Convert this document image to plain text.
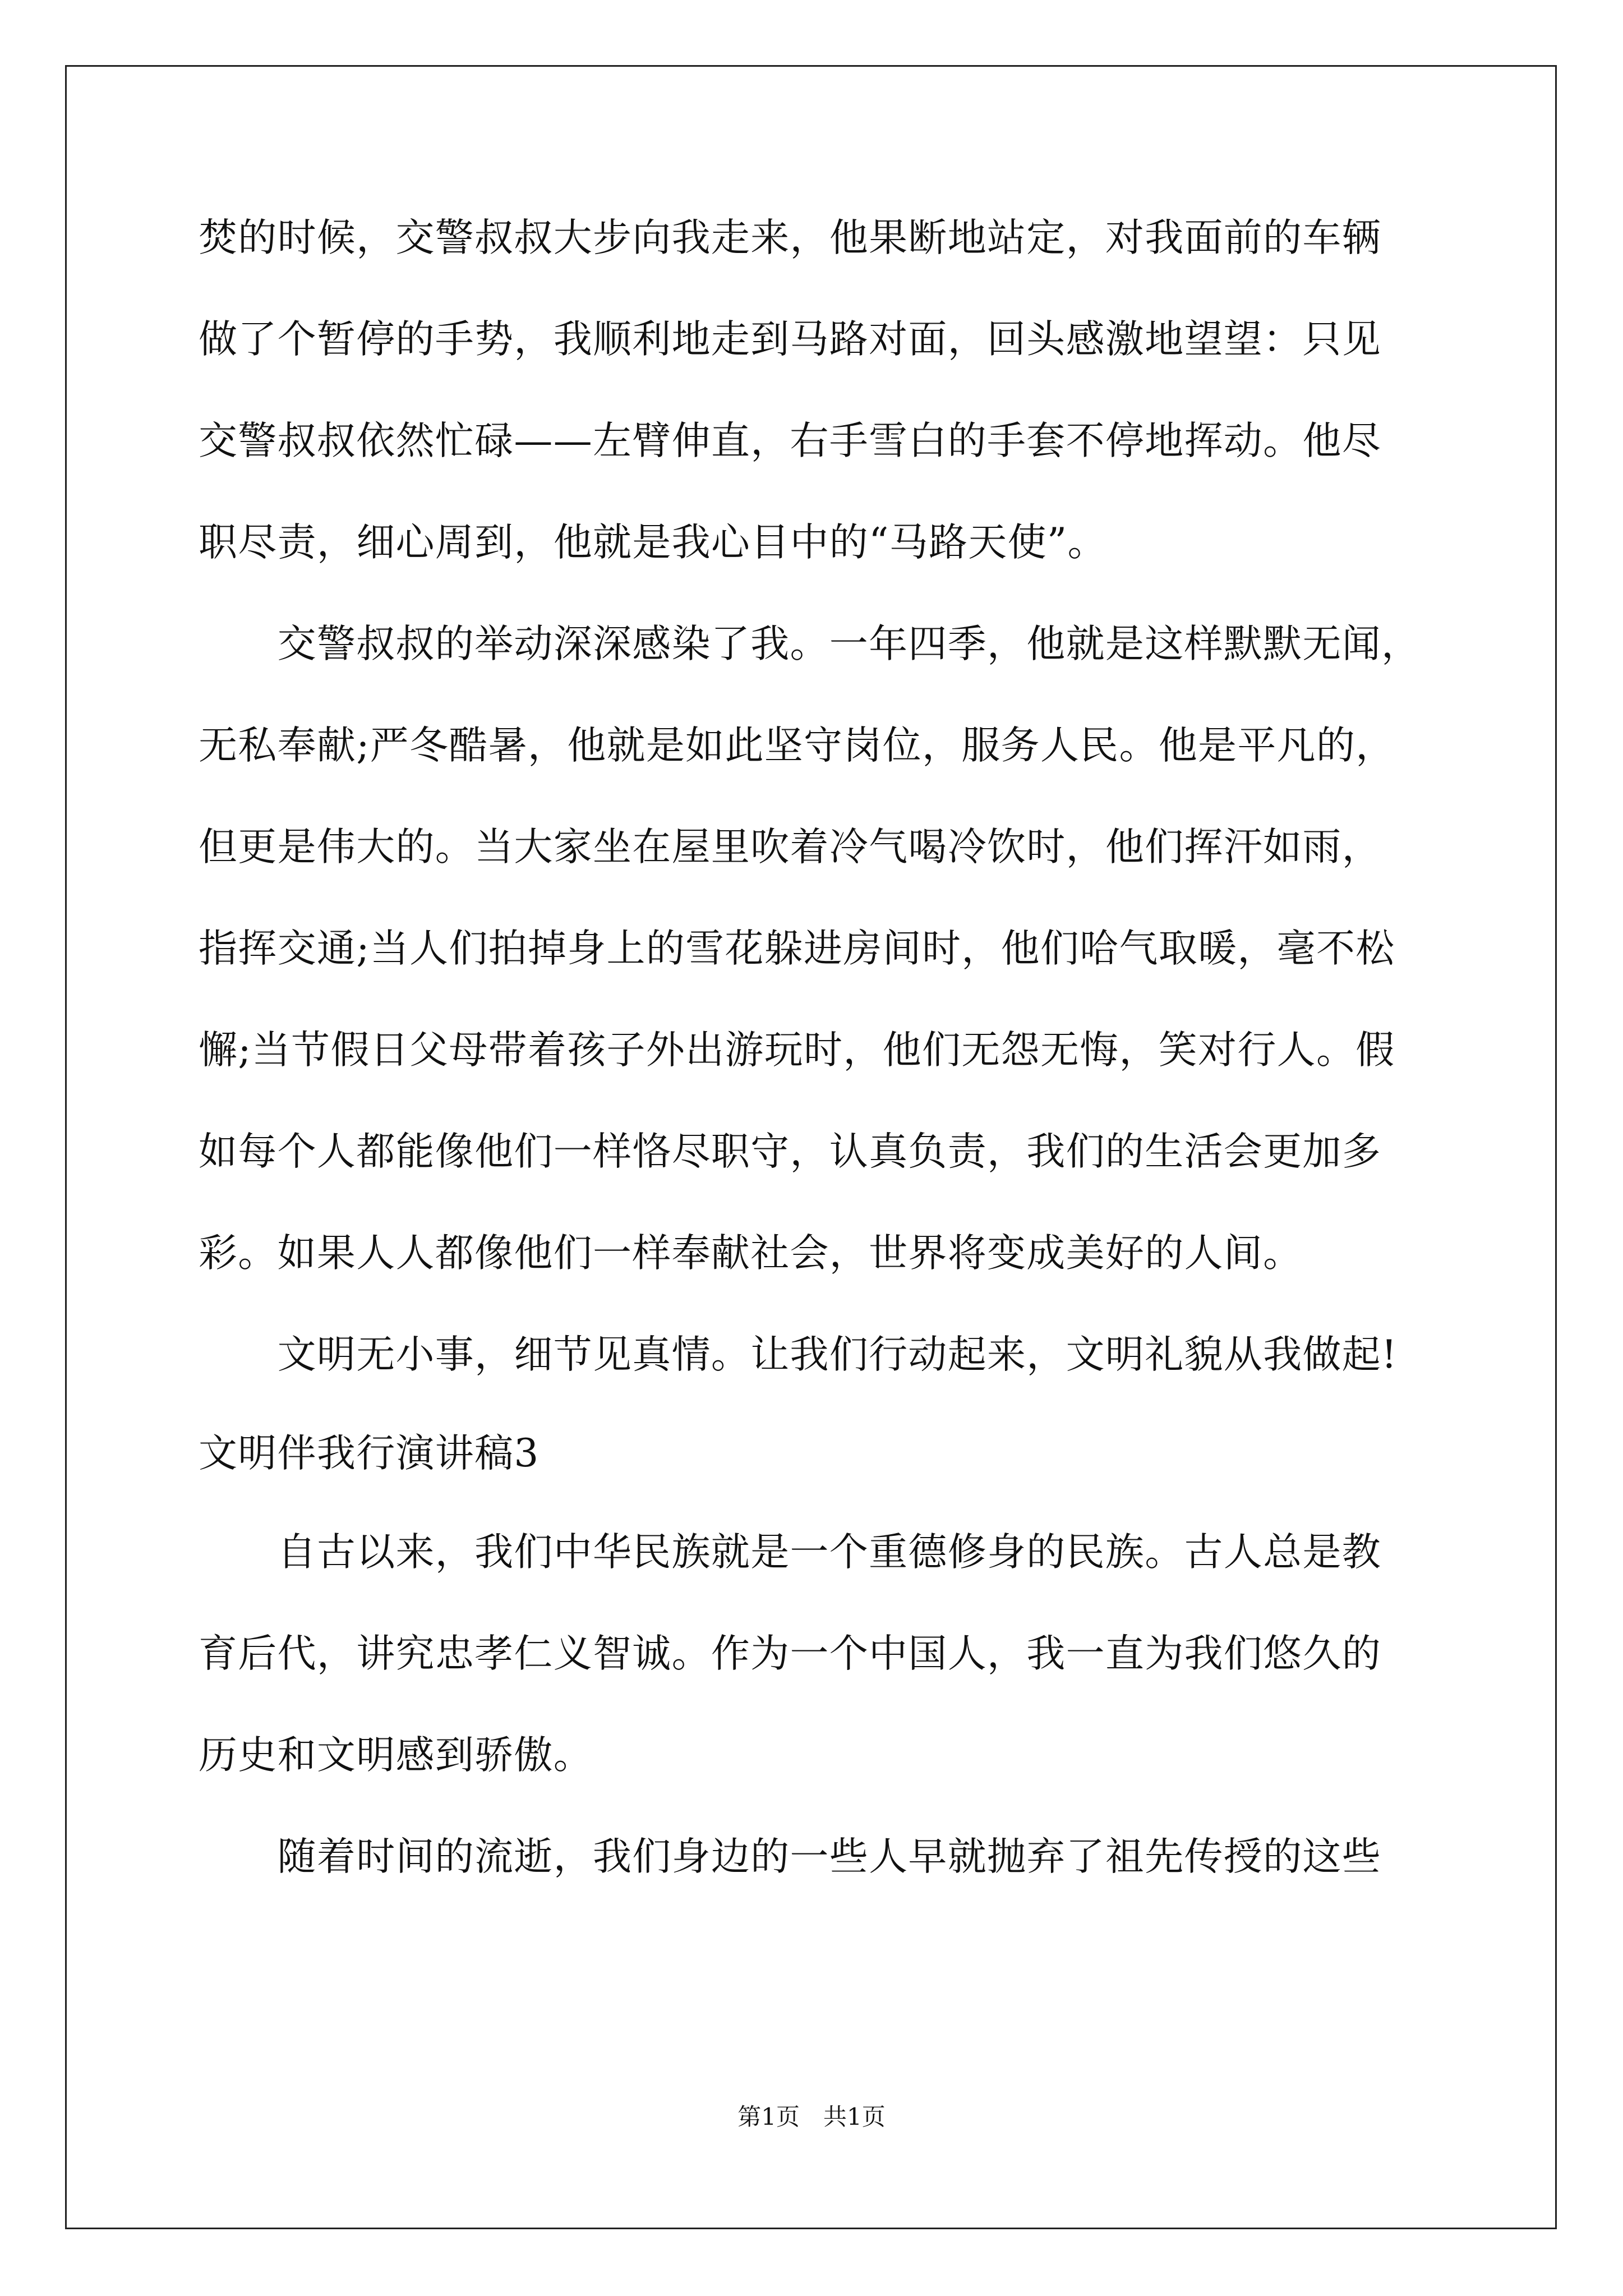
焚的时候，交警叔叔大步向我走来，他果断地站定，对我面前的车辆
做了个暂停的手势，我顺利地走到马路对面，回头感激地望望：只见
交警叔叔依然忙碌——左臂伸直，右手雪白的手套不停地挥动。他尽
职尽责，细心周到，他就是我心目中的“马路天使”。
　　交警叔叔的举动深深感染了我。一年四季，他就是这样默默无闻，
无私奉献;严冬酷暑，他就是如此坚守岗位，服务人民。他是平凡的，
但更是伟大的。当大家坐在屋里吹着冷气喝冷饮时，他们挥汗如雨，
指挥交通;当人们拍掉身上的雪花躲进房间时，他们哈气取暖，毫不松
懈;当节假日父母带着孩子外出游玩时，他们无怨无悔，笑对行人。假
如每个人都能像他们一样恪尽职守，认真负责，我们的生活会更加多
彩。如果人人都像他们一样奉献社会，世界将变成美好的人间。
　　文明无小事，细节见真情。让我们行动起来，文明礼貌从我做起!
文明伴我行演讲稿3
　　自古以来，我们中华民族就是一个重德修身的民族。古人总是教
育后代，讲究忠孝仁义智诚。作为一个中国人，我一直为我们悠久的
历史和文明感到骄傲。
　　随着时间的流逝，我们身边的一些人早就抛弃了祖先传授的这些
第1页　共1页
